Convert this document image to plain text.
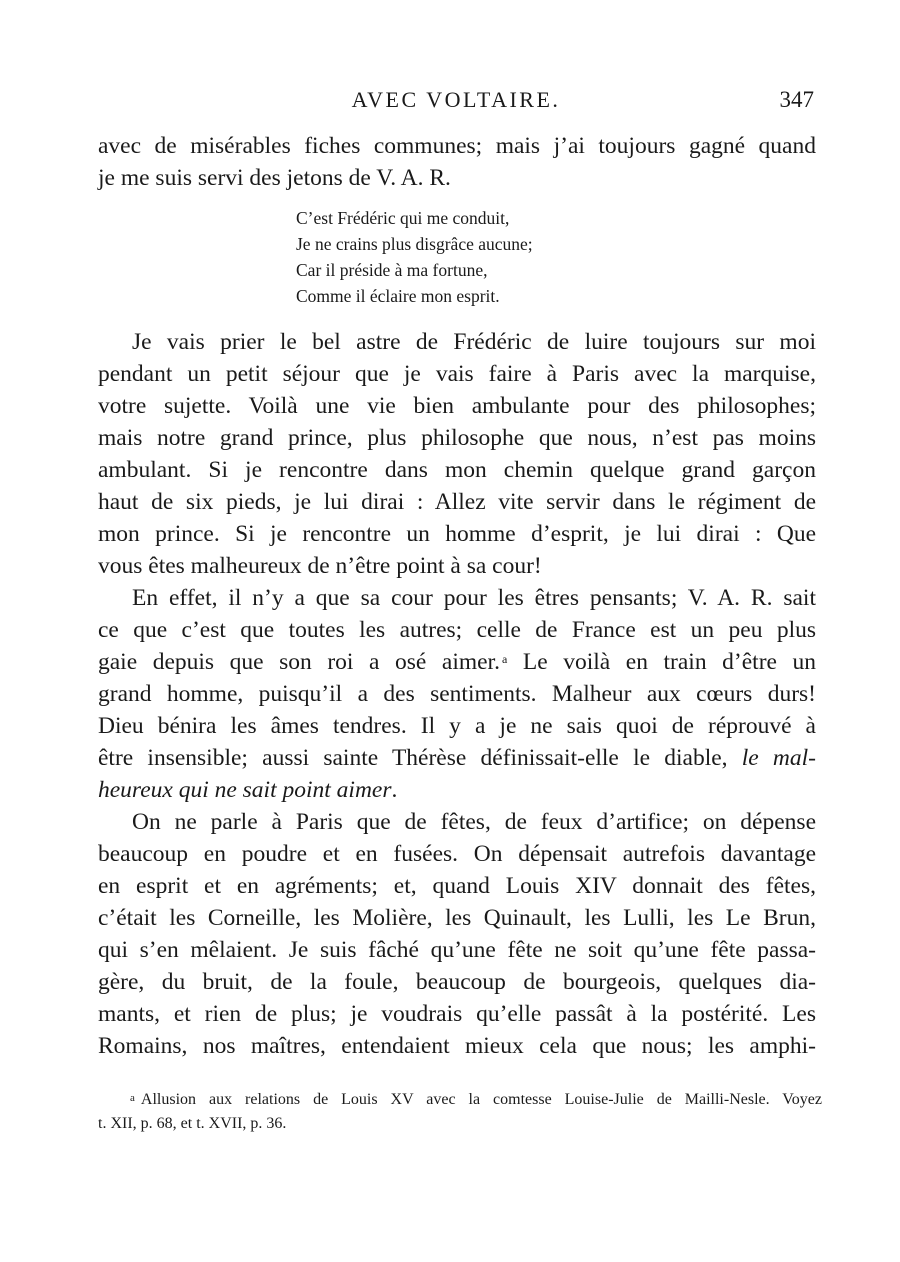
AVEC VOLTAIRE.	347
avec de misérables fiches communes; mais j’ai toujours gagné quand
je me suis servi des jetons de V. A. R.
C’est Frédéric qui me conduit,
Je ne crains plus disgrâce aucune;
Car il préside à ma fortune,
Comme il éclaire mon esprit.
Je vais prier le bel astre de Frédéric de luire toujours sur moi
pendant un petit séjour que je vais faire à Paris avec la marquise,
votre sujette. Voilà une vie bien ambulante pour des philosophes;
mais notre grand prince, plus philosophe que nous, n’est pas moins
ambulant. Si je rencontre dans mon chemin quelque grand garçon
haut de six pieds, je lui dirai : Allez vite servir dans le régiment de
mon prince. Si je rencontre un homme d’esprit, je lui dirai : Que
vous êtes malheureux de n’être point à sa cour!
En effet, il n’y a que sa cour pour les êtres pensants; V. A. R. sait
ce que c’est que toutes les autres; celle de France est un peu plus
gaie depuis que son roi a osé aimer. $^a$ Le voilà en train d’être un
grand homme, puisqu’il a des sentiments. Malheur aux cœurs durs!
Dieu bénira les âmes tendres. Il y a je ne sais quoi de réprouvé à
être insensible; aussi sainte Thérèse définissait-elle le diable, le mal-
heureux qui ne sait point aimer.
On ne parle à Paris que de fêtes, de feux d’artifice; on dépense
beaucoup en poudre et en fusées. On dépensait autrefois davantage
en esprit et en agréments; et, quand Louis XIV donnait des fêtes,
c’était les Corneille, les Molière, les Quinault, les Lulli, les Le Brun,
qui s’en mêlaient. Je suis fâché qu’une fête ne soit qu’une fête passa-
gère, du bruit, de la foule, beaucoup de bourgeois, quelques dia-
mants, et rien de plus; je voudrais qu’elle passât à la postérité. Les
Romains, nos maîtres, entendaient mieux cela que nous; les amphi-
a Allusion aux relations de Louis XV avec la comtesse Louise-Julie de Mailli-Nesle. Voyez
t. XII, p. 68, et t. XVII, p. 36.
